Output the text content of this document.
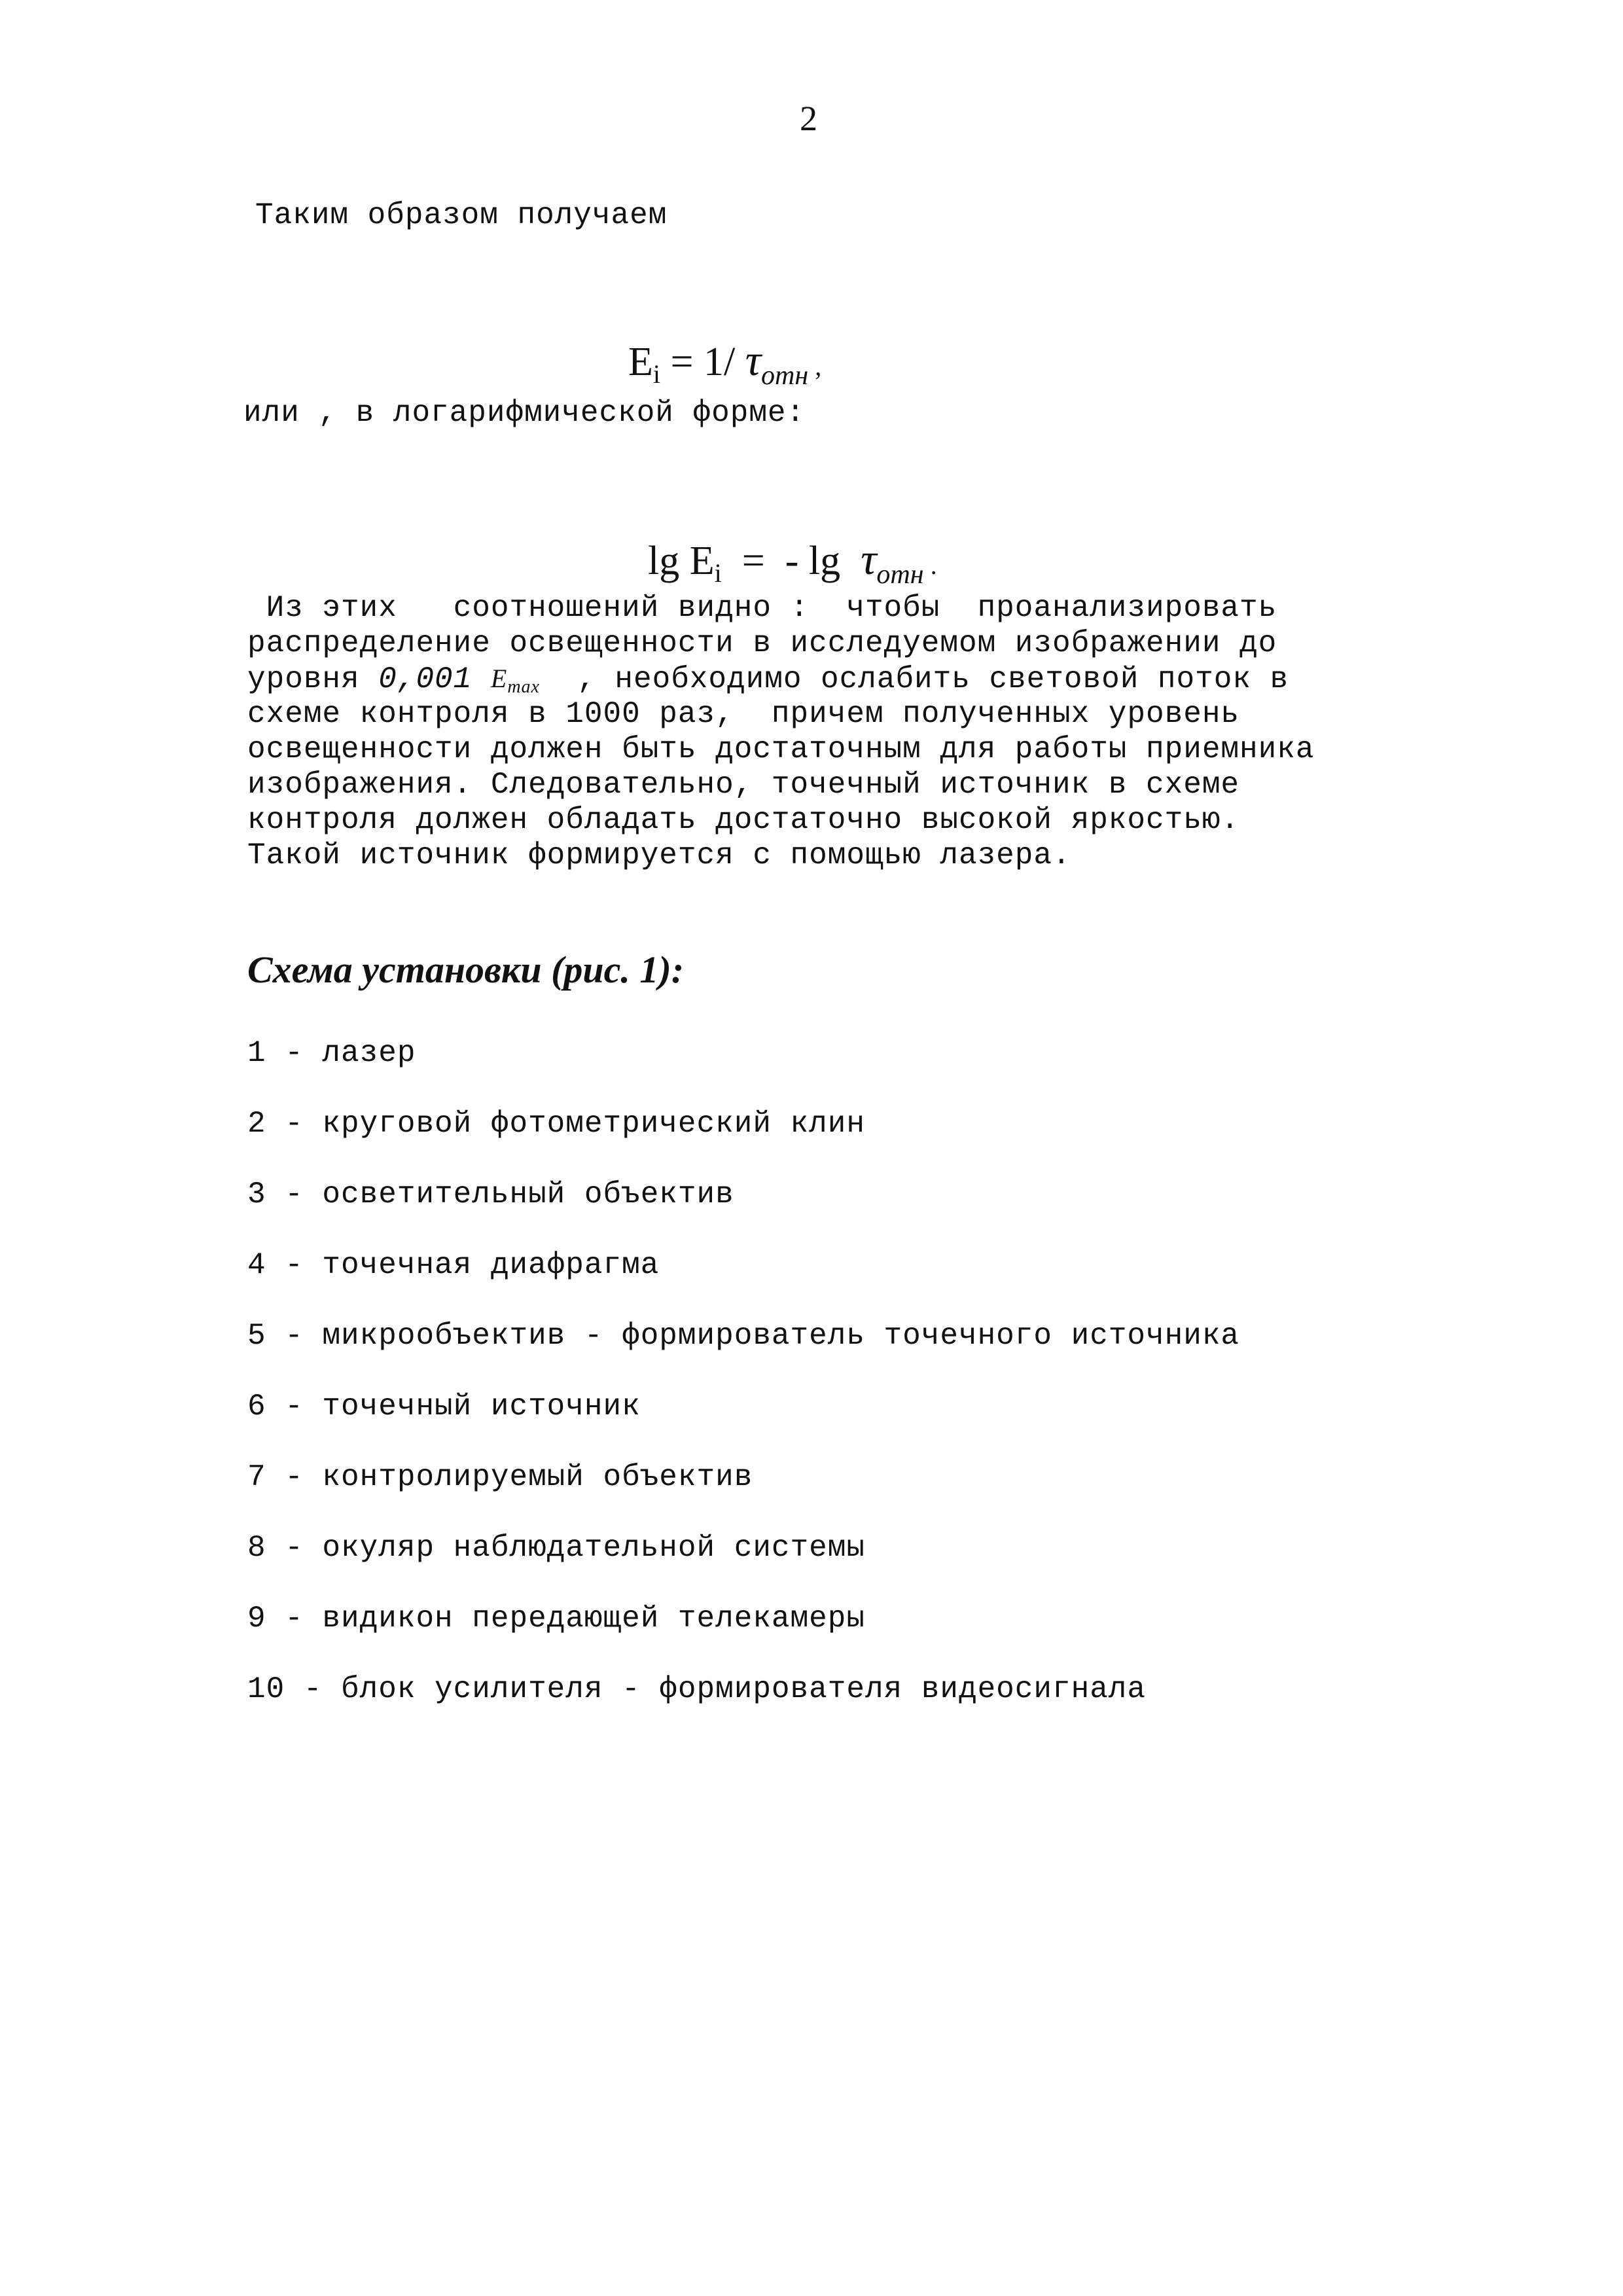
2
Таким образом получаем

$E_i = 1/$ $\tau_{отн}$ ,

или , в логарифмической форме:

$\lg E_i$  =  - $\lg \tau_{отн}$ .

Из этих   соотношений видно :  чтобы  проанализировать
распределение освещенности в исследуемом изображении до
уровня 0,001 $E_{max}$  , необходимо ослабить световой поток в
схеме контроля в 1000 раз,  причем полученных уровень
освещенности должен быть достаточным для работы приемника
изображения. Следовательно, точечный источник в схеме
контроля должен обладать достаточно высокой яркостью.
Такой источник формируется с помощью лазера.
Схема установки (рис. 1):
1 - лазер
2 - круговой фотометрический клин
3 - осветительный объектив
4 - точечная диафрагма
5 - микрообъектив - формирователь точечного источника
6 - точечный источник
7 - контролируемый объектив
8 - окуляр наблюдательной системы
9 - видикон передающей телекамеры
10 - блок усилителя - формирователя видеосигнала
